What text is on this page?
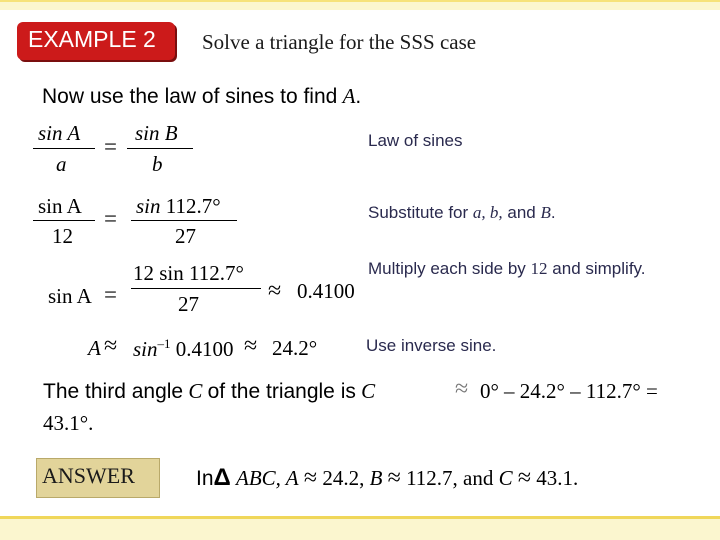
EXAMPLE 2 Solve a triangle for the SSS case
Now use the law of sines to find A.
sin A
a
=
sin B
b
Law of sines
sin A
12
= sin 112.7°
27
Substitute for a, b, and B.
sin A =
12 sin 112.7°
27	≈ 0.4100
Multiply each side by 12 and simplify.
$A \approx \sin^{-1} 0.4100 \approx 24.2^\circ$	Use inverse sine.
The third angle C of the triangle is C	≈ 0° – 24.2° – 112.7° =
43.1°.
ANSWER	InΔ ABC, A ≈ 24.2, B ≈ 112.7, and C ≈ 43.1.
